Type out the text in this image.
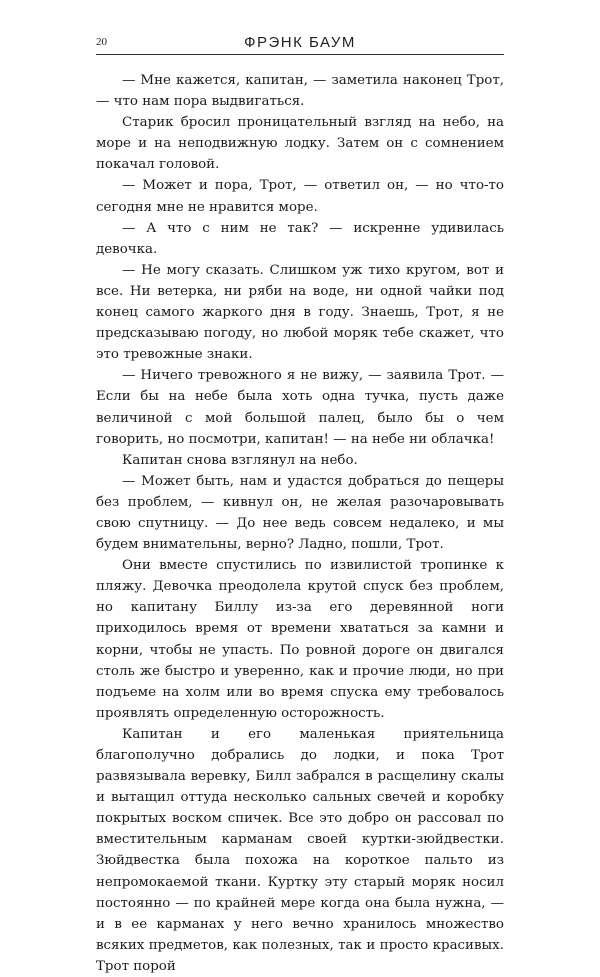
20	ФРЭНК БАУМ

— Мне кажется, капитан, — заметила наконец Трот, — что нам пора выдвигаться.

Старик бросил проницательный взгляд на небо, на море и на неподвижную лодку. Затем он с сомнением покачал головой.

— Может и пора, Трот, — ответил он, — но что-то сегодня мне не нравится море.

— А что с ним не так? — искренне удивилась девочка.

— Не могу сказать. Слишком уж тихо кругом, вот и все. Ни ветерка, ни ряби на воде, ни одной чайки под конец самого жаркого дня в году. Знаешь, Трот, я не предсказываю погоду, но любой моряк тебе скажет, что это тревожные знаки.

— Ничего тревожного я не вижу, — заявила Трот. — Если бы на небе была хоть одна тучка, пусть даже величиной с мой большой палец, было бы о чем говорить, но посмотри, капитан! — на небе ни облачка!

Капитан снова взглянул на небо.

— Может быть, нам и удастся добраться до пещеры без проблем, — кивнул он, не желая разочаровывать свою спутницу. — До нее ведь совсем недалеко, и мы будем внимательны, верно? Ладно, пошли, Трот.

Они вместе спустились по извилистой тропинке к пляжу. Девочка преодолела крутой спуск без проблем, но капитану Биллу из-за его деревянной ноги приходилось время от времени хвататься за камни и корни, чтобы не упасть. По ровной дороге он двигался столь же быстро и уверенно, как и прочие люди, но при подъеме на холм или во время спуска ему требовалось проявлять определенную осторожность.

Капитан и его маленькая приятельница благополучно добрались до лодки, и пока Трот развязывала веревку, Билл забрался в расщелину скалы и вытащил оттуда несколько сальных свечей и коробку покрытых воском спичек. Все это добро он рассовал по вместительным карманам своей куртки-зюйдвестки. Зюйдвестка была похожа на короткое пальто из непромокаемой ткани. Куртку эту старый моряк носил постоянно — по крайней мере когда она была нужна, — и в ее карманах у него вечно хранилось множество всяких предметов, как полезных, так и просто красивых. Трот порой
